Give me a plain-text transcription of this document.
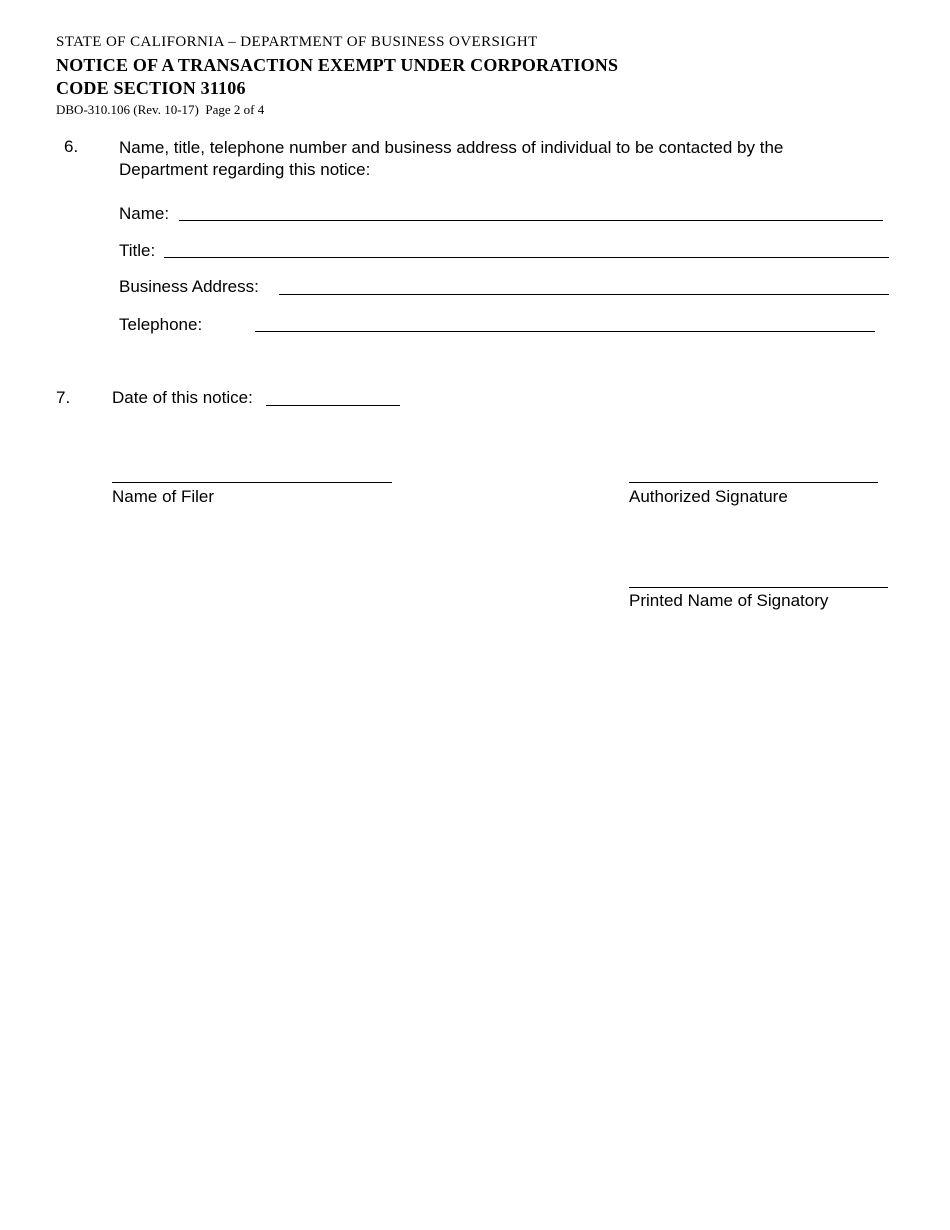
STATE OF CALIFORNIA – DEPARTMENT OF BUSINESS OVERSIGHT
NOTICE OF A TRANSACTION EXEMPT UNDER CORPORATIONS
CODE SECTION 31106
DBO-310.106 (Rev. 10-17) Page 2 of 4
6. Name, title, telephone number and business address of individual to be contacted by the
Department regarding this notice:
Name:
Title:
Business Address:
Telephone:
7. Date of this notice:
Name of Filer	Authorized Signature
Printed Name of Signatory
